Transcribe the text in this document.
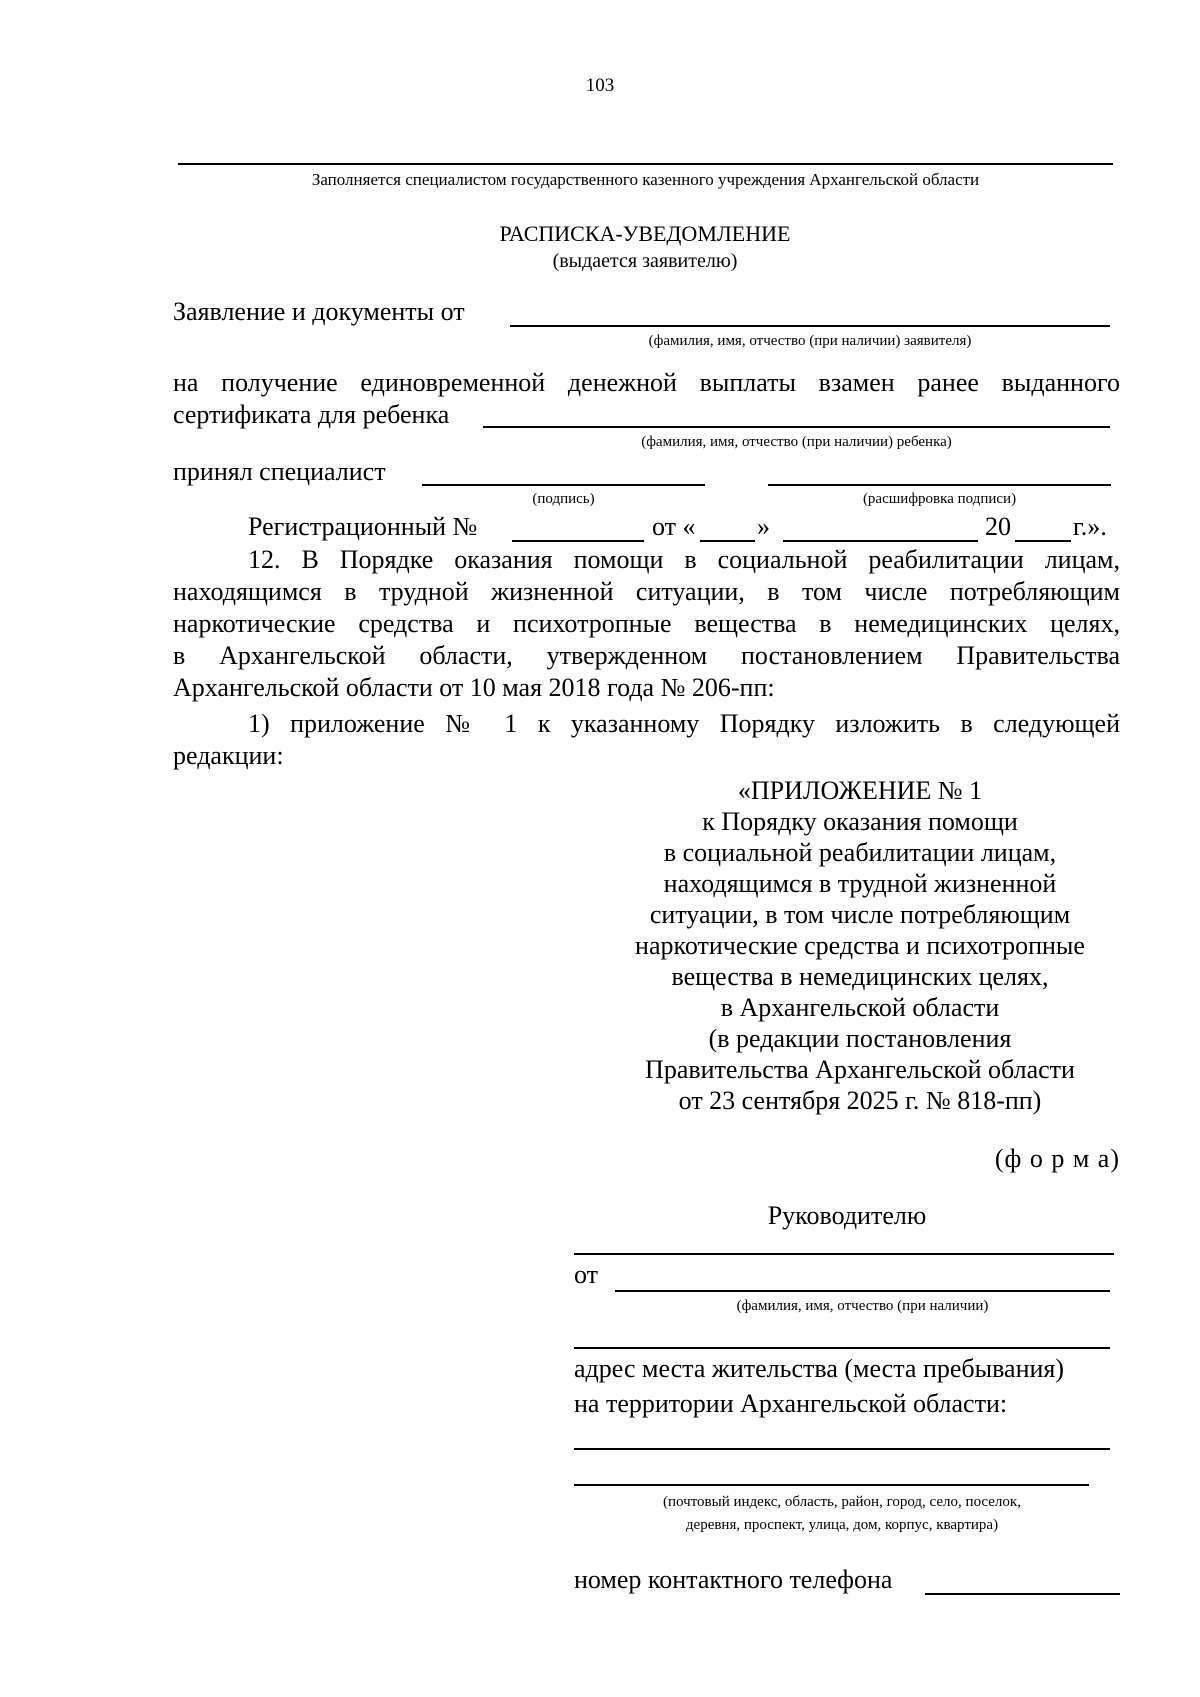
103
Заполняется специалистом государственного казенного учреждения Архангельской области
РАСПИСКА-УВЕДОМЛЕНИЕ
(выдается заявителю)
Заявление и документы от
(фамилия, имя, отчество (при наличии) заявителя)
на получение единовременной денежной выплаты взамен ранее выданного
сертификата для ребенка
(фамилия, имя, отчество (при наличии) ребенка)
принял специалист
(подпись)	(расшифровка подписи)
Регистрационный №	от « »	20 г.».
12. В Порядке оказания помощи в социальной реабилитации лицам,
находящимся в трудной жизненной ситуации, в том числе потребляющим
наркотические средства и психотропные вещества в немедицинских целях,
в Архангельской области, утвержденном постановлением Правительства
Архангельской области от 10 мая 2018 года № 206-пп:
1) приложение № 1 к указанному Порядку изложить в следующей
редакции:
«ПРИЛОЖЕНИЕ № 1
к Порядку оказания помощи
в социальной реабилитации лицам,
находящимся в трудной жизненной
ситуации, в том числе потребляющим
наркотические средства и психотропные
вещества в немедицинских целях,
в Архангельской области
(в редакции постановления
Правительства Архангельской области
от 23 сентября 2025 г. № 818-пп)
(ф о р м а)
Руководителю
от
(фамилия, имя, отчество (при наличии)
адрес места жительства (места пребывания)
на территории Архангельской области:
(почтовый индекс, область, район, город, село, поселок,
деревня, проспект, улица, дом, корпус, квартира)
номер контактного телефона
